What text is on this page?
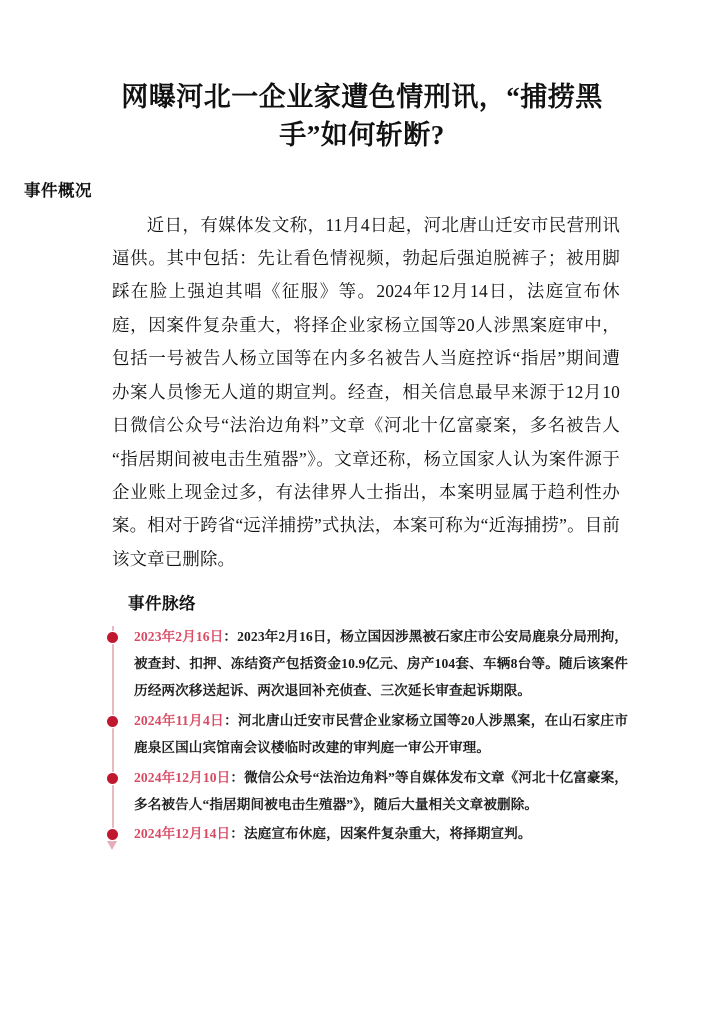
网曝河北一企业家遭色情刑讯，“捕捞黑手”如何斩断?
事件概况

近日，有媒体发文称，11月4日起，河北唐山迁安市民营刑讯逼供。其中包括：先让看色情视频，勃起后强迫脱裤子；被用脚踩在脸上强迫其唱《征服》等。2024年12月14日，法庭宣布休庭，因案件复杂重大，将择企业家杨立国等20人涉黑案庭审中，包括一号被告人杨立国等在内多名被告人当庭控诉“指居”期间遭办案人员惨无人道的期宣判。经查，相关信息最早来源于12月10日微信公众号“法治边角料”文章《河北十亿富豪案，多名被告人“指居期间被电击生殖器”》。文章还称，杨立国家人认为案件源于企业账上现金过多，有法律界人士指出，本案明显属于趋利性办案。相对于跨省“远洋捕捞”式执法，本案可称为“近海捕捞”。目前该文章已删除。

事件脉络

2023年2月16日：2023年2月16日，杨立国因涉黑被石家庄市公安局鹿泉分局刑拘，被查封、扣押、冻结资产包括资金10.9亿元、房产104套、车辆8台等。随后该案件历经两次移送起诉、两次退回补充侦查、三次延长审查起诉期限。

2024年11月4日：河北唐山迁安市民营企业家杨立国等20人涉黑案，在山石家庄市鹿泉区国山宾馆南会议楼临时改建的审判庭一审公开审理。

2024年12月10日：微信公众号“法治边角料”等自媒体发布文章《河北十亿富豪案，多名被告人“指居期间被电击生殖器”》，随后大量相关文章被删除。

2024年12月14日：法庭宣布休庭，因案件复杂重大，将择期宣判。
